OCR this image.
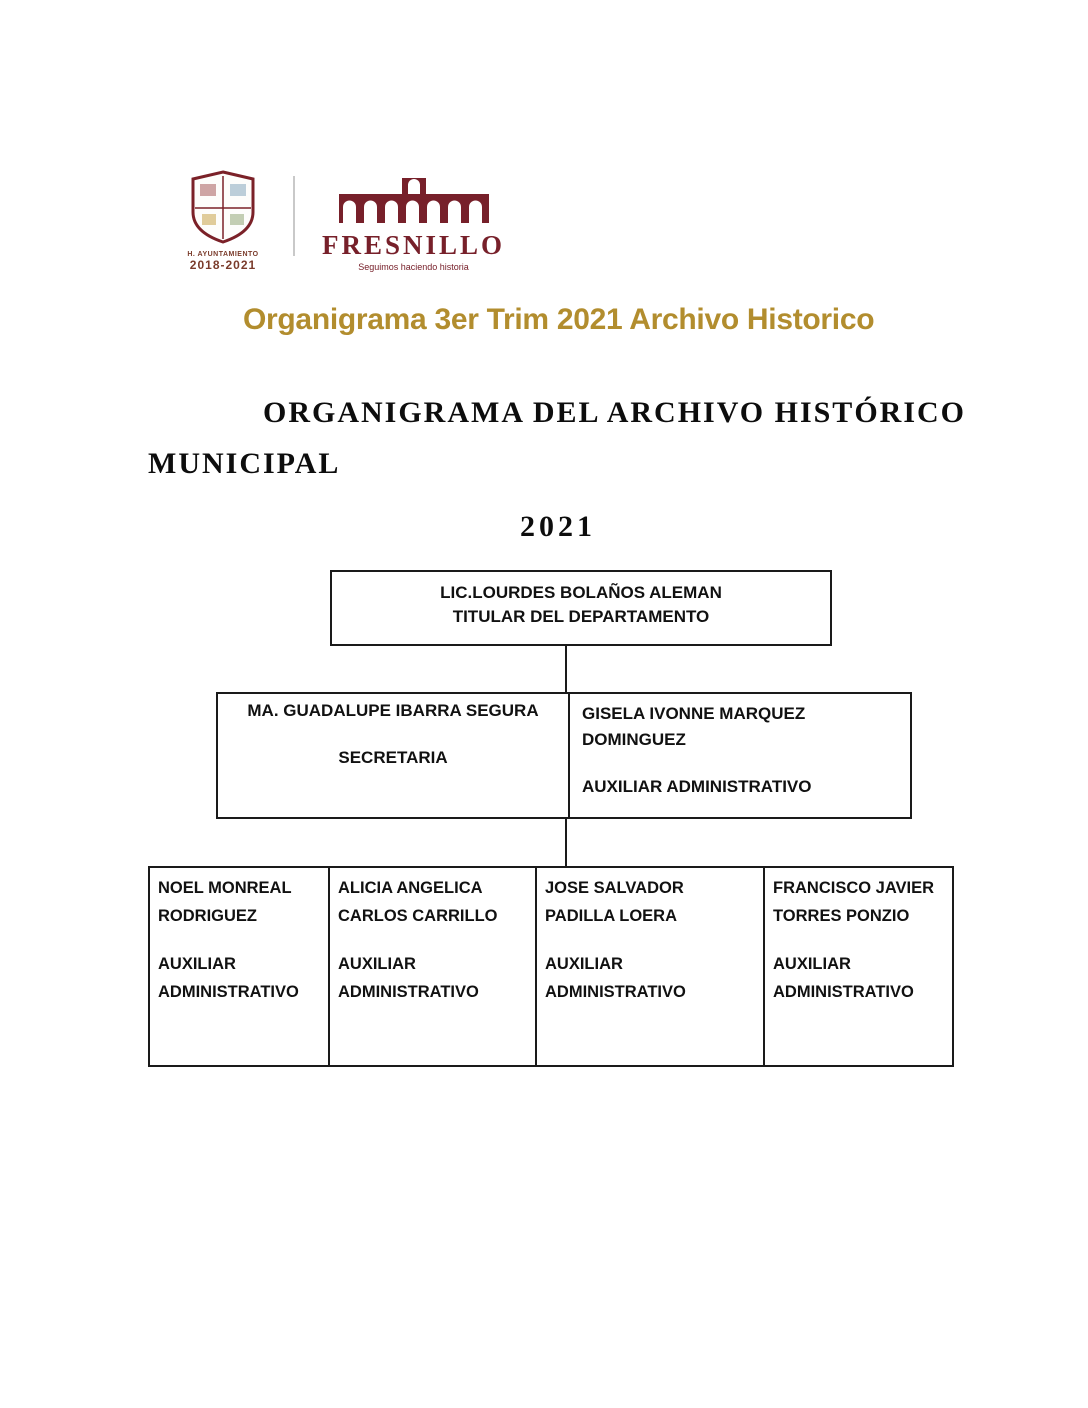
H. AYUNTAMIENTO
2018-2021
FRESNILLO
Seguimos haciendo historia
Organigrama 3er Trim 2021 Archivo Historico
ORGANIGRAMA DEL ARCHIVO HISTÓRICO
MUNICIPAL
2021
LIC.LOURDES BOLAÑOS ALEMAN
TITULAR DEL DEPARTAMENTO
MA. GUADALUPE IBARRA SEGURA
SECRETARIA
GISELA IVONNE MARQUEZ
DOMINGUEZ
AUXILIAR ADMINISTRATIVO
NOEL MONREAL
RODRIGUEZ
AUXILIAR
ADMINISTRATIVO
ALICIA ANGELICA
CARLOS CARRILLO
AUXILIAR
ADMINISTRATIVO
JOSE SALVADOR
PADILLA LOERA
AUXILIAR
ADMINISTRATIVO
FRANCISCO JAVIER
TORRES PONZIO
AUXILIAR
ADMINISTRATIVO
